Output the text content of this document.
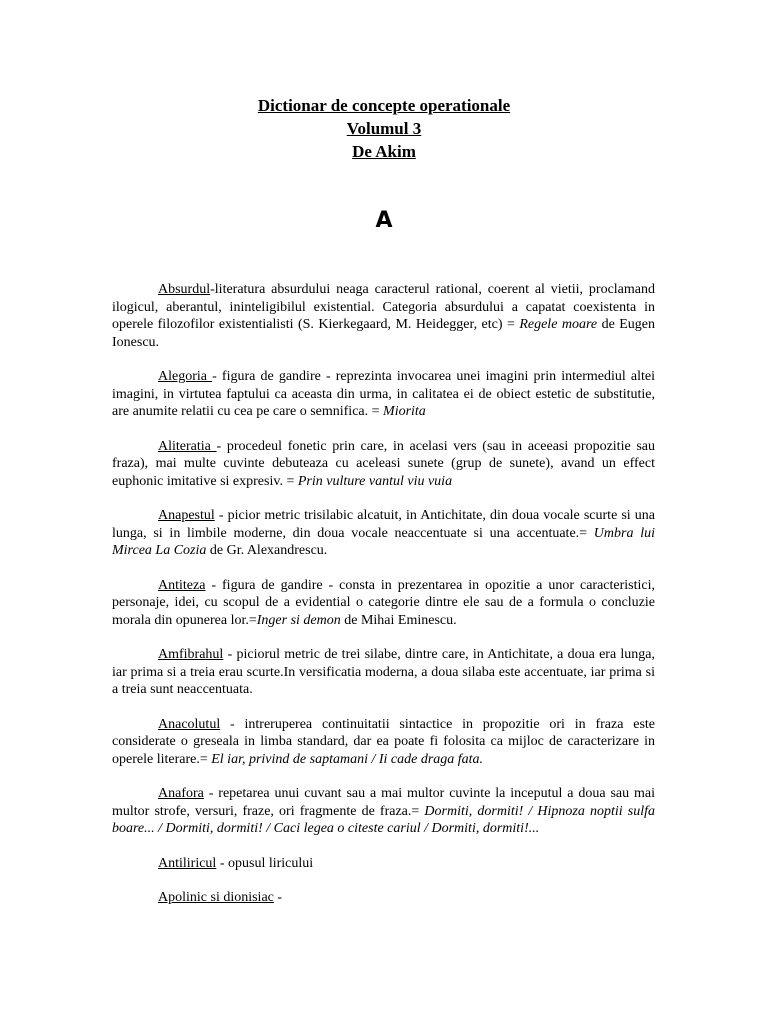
Dictionar de concepte operationale
Volumul 3
De Akim
A

Absurdul-literatura absurdului neaga caracterul rational, coerent al vietii, proclamand ilogicul, aberantul, ininteligibilul existential. Categoria absurdului a capatat coexistenta in operele filozofilor existentialisti (S. Kierkegaard, M. Heidegger, etc) = Regele moare de Eugen Ionescu.

Alegoria - figura de gandire - reprezinta invocarea unei imagini prin intermediul altei imagini, in virtutea faptului ca aceasta din urma, in calitatea ei de obiect estetic de substitutie, are anumite relatii cu cea pe care o semnifica. = Miorita

Aliteratia - procedeul fonetic prin care, in acelasi vers (sau in aceeasi propozitie sau fraza), mai multe cuvinte debuteaza cu aceleasi sunete (grup de sunete), avand un effect euphonic imitative si expresiv. = Prin vulture vantul viu vuia

Anapestul - picior metric trisilabic alcatuit, in Antichitate, din doua vocale scurte si una lunga, si in limbile moderne, din doua vocale neaccentuate si una accentuate.= Umbra lui Mircea La Cozia de Gr. Alexandrescu.

Antiteza - figura de gandire - consta in prezentarea in opozitie a unor caracteristici, personaje, idei, cu scopul de a evidential o categorie dintre ele sau de a formula o concluzie morala din opunerea lor.=Inger si demon de Mihai Eminescu.

Amfibrahul - piciorul metric de trei silabe, dintre care, in Antichitate, a doua era lunga, iar prima si a treia erau scurte.In versificatia moderna, a doua silaba este accentuate, iar prima si a treia sunt neaccentuata.

Anacolutul - intreruperea continuitatii sintactice in propozitie ori in fraza este considerate o greseala in limba standard, dar ea poate fi folosita ca mijloc de caracterizare in operele literare.= El iar, privind de saptamani / Ii cade draga fata.

Anafora - repetarea unui cuvant sau a mai multor cuvinte la inceputul a doua sau mai multor strofe, versuri, fraze, ori fragmente de fraza.= Dormiti, dormiti! / Hipnoza noptii sulfa boare... / Dormiti, dormiti! / Caci legea o citeste cariul / Dormiti, dormiti!...

Antiliricul - opusul liricului

Apolinic si dionisiac -
